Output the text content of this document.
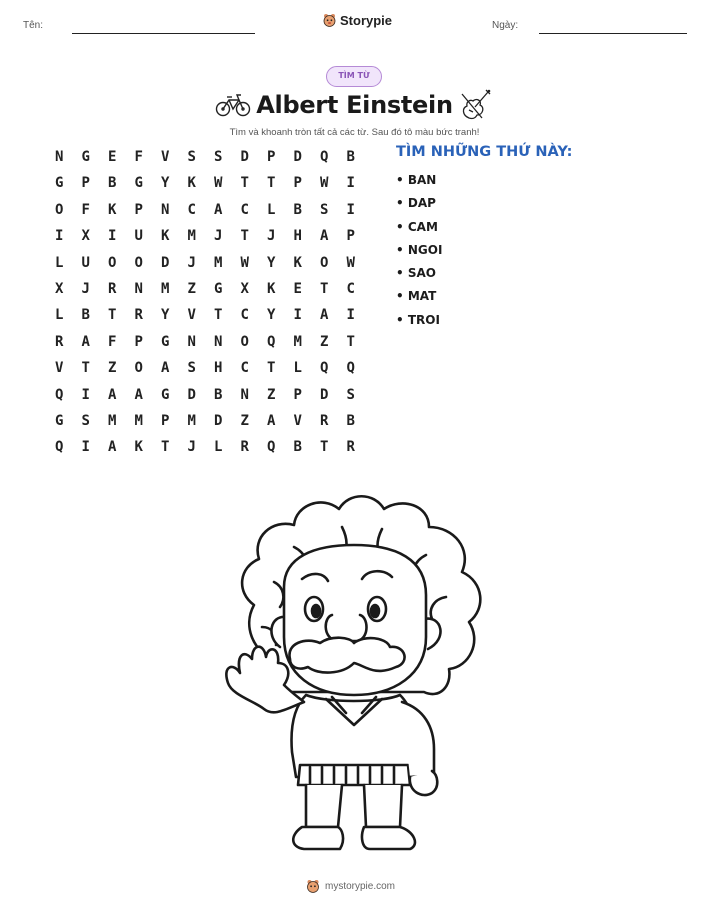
Tên:	Storypie	Ngày:
TÌM TỪ
Albert Einstein
Tìm và khoanh tròn tất cả các từ. Sau đó tô màu bức tranh!
N	G	E	F	V	S	S	D	P	D	Q	B
G	P	B	G	Y	K	W	T	T	P	W	I
O	F	K	P	N	C	A	C	L	B	S	I
I	X	I	U	K	M	J	T	J	H	A	P
L	U	O	O	D	J	M	W	Y	K	O	W
X	J	R	N	M	Z	G	X	K	E	T	C
L	B	T	R	Y	V	T	C	Y	I	A	I
R	A	F	P	G	N	N	O	Q	M	Z	T
V	T	Z	O	A	S	H	C	T	L	Q	Q
Q	I	A	A	G	D	B	N	Z	P	D	S
G	S	M	M	P	M	D	Z	A	V	R	B
Q	I	A	K	T	J	L	R	Q	B	T	R
TÌM NHỮNG THỨ NÀY:
• BAN
• DAP
• CAM
• NGOI
• SAO
• MAT
• TROI
mystorypie.com
